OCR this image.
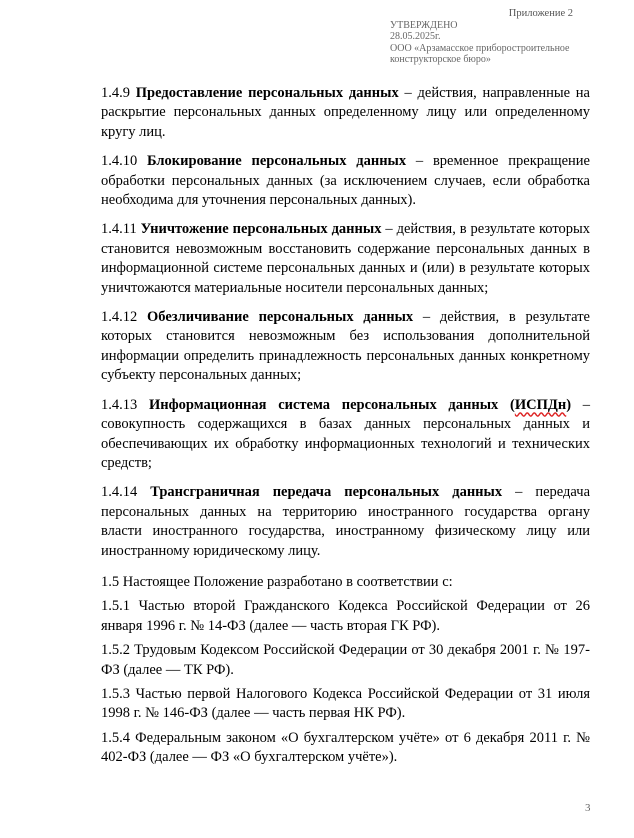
Приложение 2
УТВЕРЖДЕНО
28.05.2025г.
ООО «Арзамасское приборостроительное
конструкторское бюро»

1.4.9 Предоставление персональных данных – действия, направленные на раскрытие персональных данных определенному лицу или определенному кругу лиц.

1.4.10 Блокирование персональных данных – временное прекращение обработки персональных данных (за исключением случаев, если обработка необходима для уточнения персональных данных).

1.4.11 Уничтожение персональных данных – действия, в результате которых становится невозможным восстановить содержание персональных данных в информационной системе персональных данных и (или) в результате которых уничтожаются материальные носители персональных данных;

1.4.12 Обезличивание персональных данных – действия, в результате которых становится невозможным без использования дополнительной информации определить принадлежность персональных данных конкретному субъекту персональных данных;

1.4.13 Информационная система персональных данных (ИСПДн) – совокупность содержащихся в базах данных персональных данных и обеспечивающих их обработку информационных технологий и технических средств;

1.4.14 Трансграничная передача персональных данных – передача персональных данных на территорию иностранного государства органу власти иностранного государства, иностранному физическому лицу или иностранному юридическому лицу.

1.5 Настоящее Положение разработано в соответствии с:

1.5.1 Частью второй Гражданского Кодекса Российской Федерации от 26 января 1996 г. № 14-ФЗ (далее — часть вторая ГК РФ).

1.5.2 Трудовым Кодексом Российской Федерации от 30 декабря 2001 г. № 197-ФЗ (далее — ТК РФ).

1.5.3 Частью первой Налогового Кодекса Российской Федерации от 31 июля 1998 г. № 146-ФЗ (далее — часть первая НК РФ).

1.5.4 Федеральным законом «О бухгалтерском учёте» от 6 декабря 2011 г. № 402-ФЗ (далее — ФЗ «О бухгалтерском учёте»).

3
